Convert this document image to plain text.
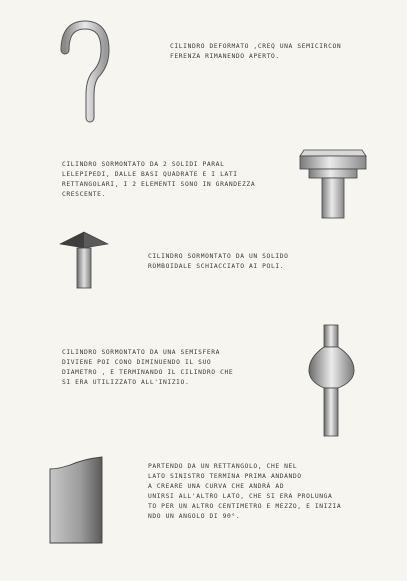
CILINDRO DEFORMATO ,CREQ UNA SEMICIRCON
FERENZA RIMANENDO APERTO.

CILINDRO SORMONTATO DA 2 SOLIDI PARAL
LELEPIPEDI, DALLE BASI QUADRATE E I LATI
RETTANGOLARI, I 2 ELEMENTI SONO IN GRANDEZZA
CRESCENTE.

CILINDRO SORMONTATO DA UN SOLIDO
ROMBOIDALE SCHIACCIATO AI POLI.

CILINDRO SORMONTATO DA UNA SEMISFERA
DIVIENE POI CONO DIMINUENDO IL SUO
DIAMETRO , E TERMINANDO IL CILINDRO CHE
SI ERA UTILIZZATO ALL'INIZIO.

PARTENDO DA UN RETTANGOLO, CHE NEL
LATO SINISTRO TERMINA PRIMA ANDANDO
A CREARE UNA CURVA CHE ANDRÀ AD
UNIRSI ALL'ALTRO LATO, CHE SI ERA PROLUNGA
TO PER UN ALTRO CENTIMETRO E MEZZO, E INIZIA
NDO UN ANGOLO DI 90°.
